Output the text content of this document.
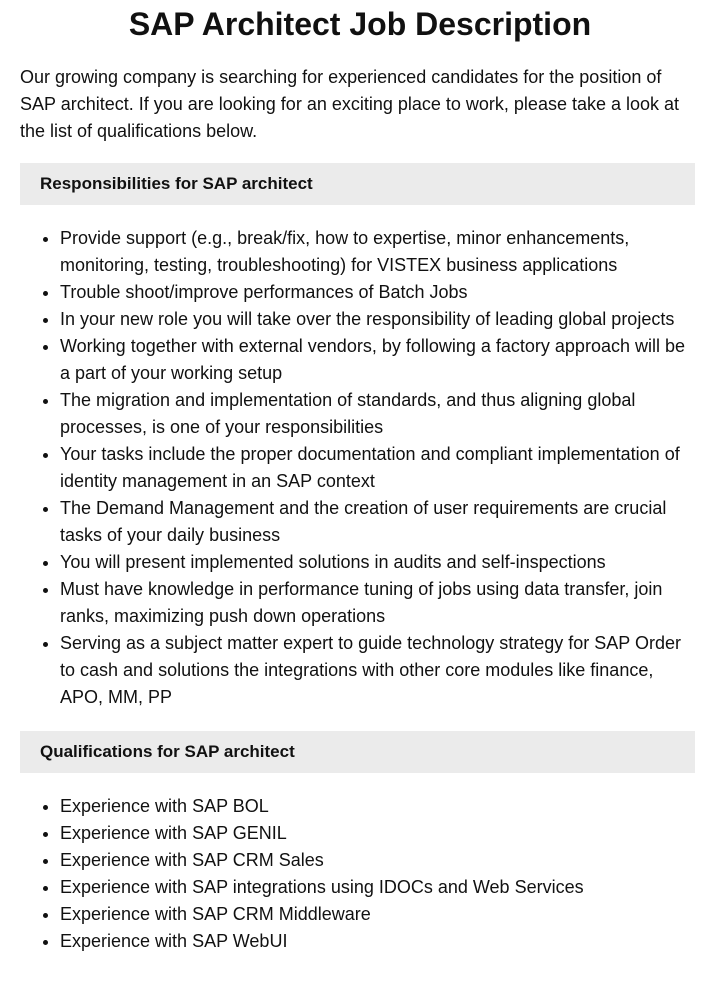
SAP Architect Job Description

Our growing company is searching for experienced candidates for the position of SAP architect. If you are looking for an exciting place to work, please take a look at the list of qualifications below.

Responsibilities for SAP architect
• Provide support (e.g., break/fix, how to expertise, minor enhancements, monitoring, testing, troubleshooting) for VISTEX business applications
• Trouble shoot/improve performances of Batch Jobs
• In your new role you will take over the responsibility of leading global projects
• Working together with external vendors, by following a factory approach will be a part of your working setup
• The migration and implementation of standards, and thus aligning global processes, is one of your responsibilities
• Your tasks include the proper documentation and compliant implementation of identity management in an SAP context
• The Demand Management and the creation of user requirements are crucial tasks of your daily business
• You will present implemented solutions in audits and self-inspections
• Must have knowledge in performance tuning of jobs using data transfer, join ranks, maximizing push down operations
• Serving as a subject matter expert to guide technology strategy for SAP Order to cash and solutions the integrations with other core modules like finance, APO, MM, PP
Qualifications for SAP architect
• Experience with SAP BOL
• Experience with SAP GENIL
• Experience with SAP CRM Sales
• Experience with SAP integrations using IDOCs and Web Services
• Experience with SAP CRM Middleware
• Experience with SAP WebUI
